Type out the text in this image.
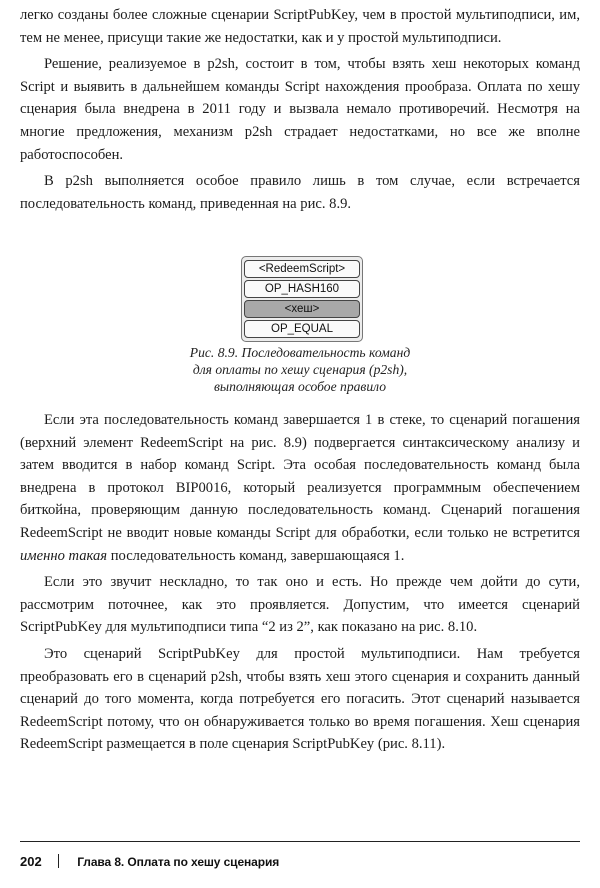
легко созданы более сложные сценарии ScriptPubKey, чем в простой мультиподписи, им, тем не менее, присущи такие же недостатки, как и у простой мультиподписи.

Решение, реализуемое в p2sh, состоит в том, чтобы взять хеш некоторых команд Script и выявить в дальнейшем команды Script нахождения прообраза. Оплата по хешу сценария была внедрена в 2011 году и вызвала немало противоречий. Несмотря на многие предложения, механизм p2sh страдает недостатками, но все же вполне работоспособен.

В p2sh выполняется особое правило лишь в том случае, если встречается последовательность команд, приведенная на рис. 8.9.

<RedeemScript>
OP_HASH160
<хеш>
OP_EQUAL
Рис. 8.9. Последовательность команд
для оплаты по хешу сценария (p2sh),
выполняющая особое правило

Если эта последовательность команд завершается 1 в стеке, то сценарий погашения (верхний элемент RedeemScript на рис. 8.9) подвергается синтаксическому анализу и затем вводится в набор команд Script. Эта особая последовательность команд была внедрена в протокол BIP0016, который реализуется программным обеспечением биткойна, проверяющим данную последовательность команд. Сценарий погашения RedeemScript не вводит новые команды Script для обработки, если только не встретится именно такая последовательность команд, завершающаяся 1.

Если это звучит нескладно, то так оно и есть. Но прежде чем дойти до сути, рассмотрим поточнее, как это проявляется. Допустим, что имеется сценарий ScriptPubKey для мультиподписи типа “2 из 2”, как показано на рис. 8.10.

Это сценарий ScriptPubKey для простой мультиподписи. Нам требуется преобразовать его в сценарий p2sh, чтобы взять хеш этого сценария и сохранить данный сценарий до того момента, когда потребуется его погасить. Этот сценарий называется RedeemScript потому, что он обнаруживается только во время погашения. Хеш сценария RedeemScript размещается в поле сценария ScriptPubKey (рис. 8.11).

202	Глава 8. Оплата по хешу сценария
